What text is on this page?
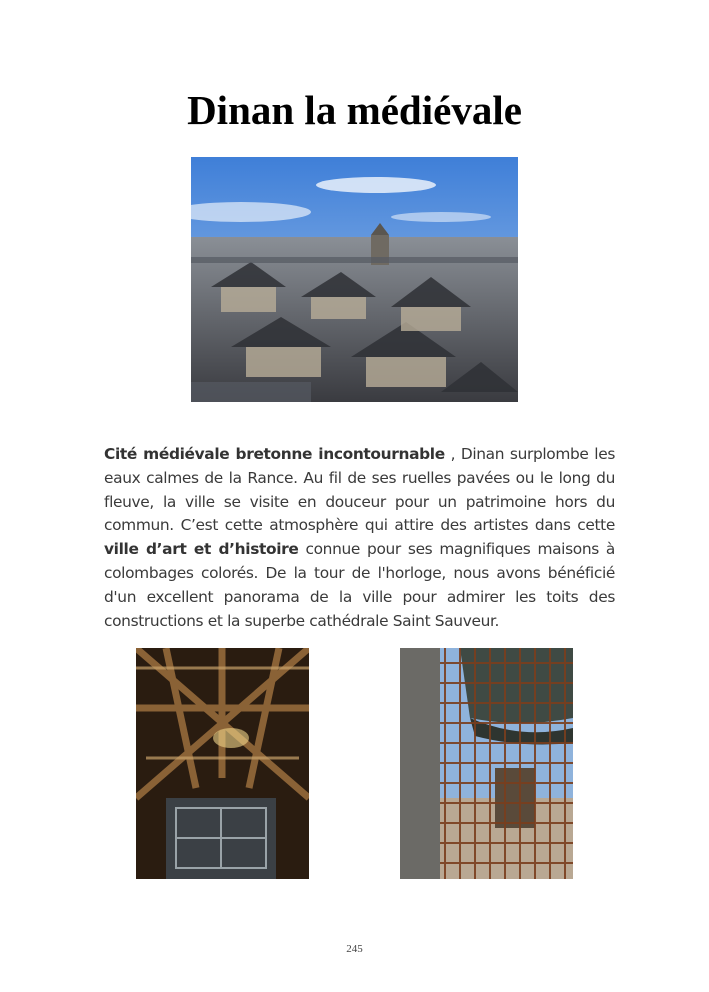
Dinan la médiévale

Cité médiévale bretonne incontournable , Dinan surplombe les eaux calmes de la Rance. Au fil de ses ruelles pavées ou le long du fleuve, la ville se visite en douceur pour un patrimoine hors du commun. C’est cette atmosphère qui attire des artistes dans cette ville d’art et d’histoire connue pour ses magnifiques maisons à colombages colorés. De la tour de l'horloge, nous avons bénéficié d'un excellent panorama de la ville pour admirer les toits des constructions et la superbe cathédrale Saint Sauveur.

245
